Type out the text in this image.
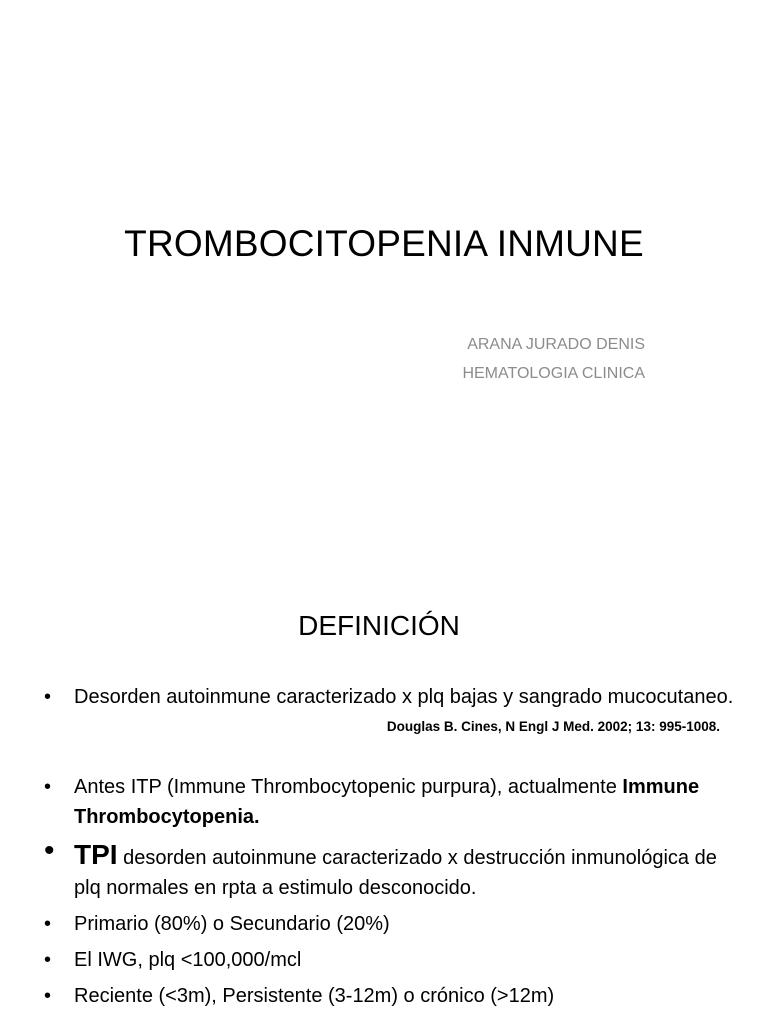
TROMBOCITOPENIA INMUNE
ARANA JURADO DENIS
HEMATOLOGIA CLINICA
DEFINICIÓN
• Desorden autoinmune caracterizado x plq bajas y sangrado mucocutaneo.
Douglas B. Cines, N Engl J Med. 2002; 13: 995-1008.
• Antes ITP (Immune Thrombocytopenic purpura), actualmente Immune Thrombocytopenia.
• TPI desorden autoinmune caracterizado x destrucción inmunológica de plq normales en rpta a estimulo desconocido.
• Primario (80%) o Secundario (20%)
• El IWG, plq <100,000/mcl
• Reciente (<3m), Persistente (3-12m) o crónico (>12m)
